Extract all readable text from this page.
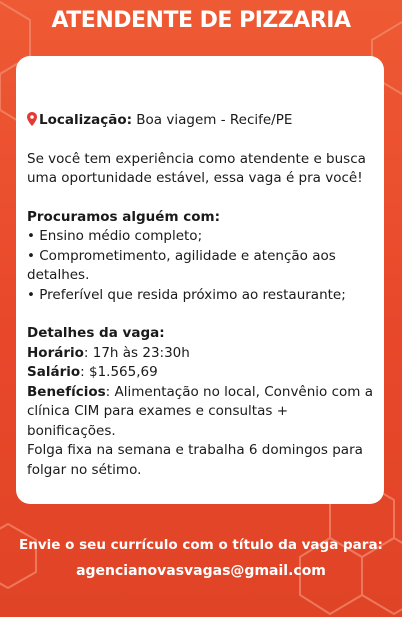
ATENDENTE DE PIZZARIA

Localização: Boa viagem - Recife/PE

Se você tem experiência como atendente e busca uma oportunidade estável, essa vaga é pra você!

Procuramos alguém com:

• Ensino médio completo;

• Comprometimento, agilidade e atenção aos detalhes.

• Preferível que resida próximo ao restaurante;

Detalhes da vaga:

Horário: 17h às 23:30h

Salário: $1.565,69

Benefícios: Alimentação no local, Convênio com a clínica CIM para exames e consultas + bonificações.

Folga fixa na semana e trabalha 6 domingos para folgar no sétimo.

Envie o seu currículo com o título da vaga para:
agencianovasvagas@gmail.com
